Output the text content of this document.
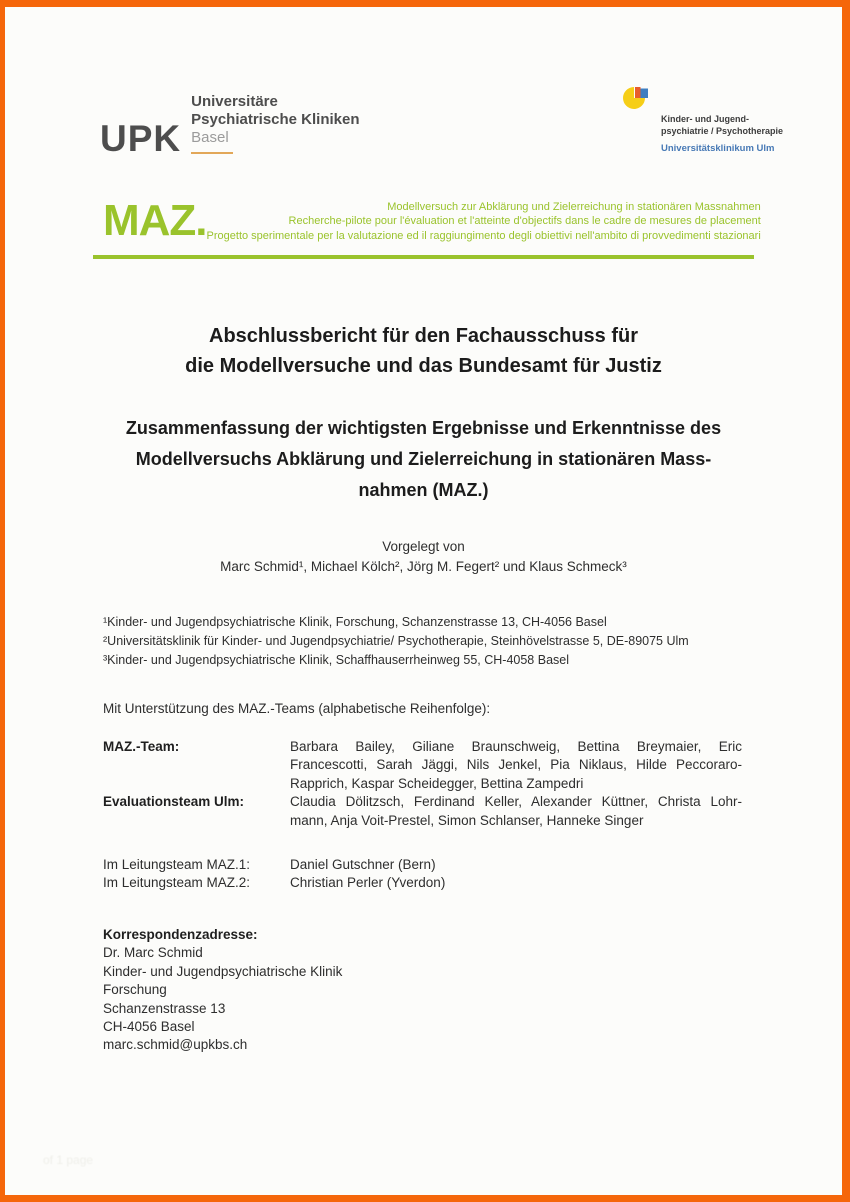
UPK
Universitäre
Psychiatrische Kliniken
Basel
Kinder- und Jugend-
psychiatrie / Psychotherapie
Universitätsklinikum Ulm
MAZ.	Modellversuch zur Abklärung und Zielerreichung in stationären Massnahmen
Recherche-pilote pour l'évaluation et l'atteinte d'objectifs dans le cadre de mesures de placement
Progetto sperimentale per la valutazione ed il raggiungimento degli obiettivi nell'ambito di provvedimenti stazionari
Abschlussbericht für den Fachausschuss für
die Modellversuche und das Bundesamt für Justiz
Zusammenfassung der wichtigsten Ergebnisse und Erkenntnisse des
Modellversuchs Abklärung und Zielerreichung in stationären Mass-
nahmen (MAZ.)
Vorgelegt von
Marc Schmid¹, Michael Kölch², Jörg M. Fegert² und Klaus Schmeck³
¹Kinder- und Jugendpsychiatrische Klinik, Forschung, Schanzenstrasse 13, CH-4056 Basel
²Universitätsklinik für Kinder- und Jugendpsychiatrie/ Psychotherapie, Steinhövelstrasse 5, DE-89075 Ulm
³Kinder- und Jugendpsychiatrische Klinik, Schaffhauserrheinweg 55, CH-4058 Basel
Mit Unterstützung des MAZ.-Teams (alphabetische Reihenfolge):
MAZ.-Team:	Barbara Bailey, Giliane Braunschweig, Bettina Breymaier, Eric
Francescotti, Sarah Jäggi, Nils Jenkel, Pia Niklaus, Hilde Peccoraro-
Rapprich, Kaspar Scheidegger, Bettina Zampedri
Evaluationsteam Ulm:	Claudia Dölitzsch, Ferdinand Keller, Alexander Küttner, Christa Lohr-
mann, Anja Voit-Prestel, Simon Schlanser, Hanneke Singer
Im Leitungsteam MAZ.1:	Daniel Gutschner (Bern)
Im Leitungsteam MAZ.2:	Christian Perler (Yverdon)
Korrespondenzadresse:
Dr. Marc Schmid
Kinder- und Jugendpsychiatrische Klinik
Forschung
Schanzenstrasse 13
CH-4056 Basel
marc.schmid@upkbs.ch
of 1 page
